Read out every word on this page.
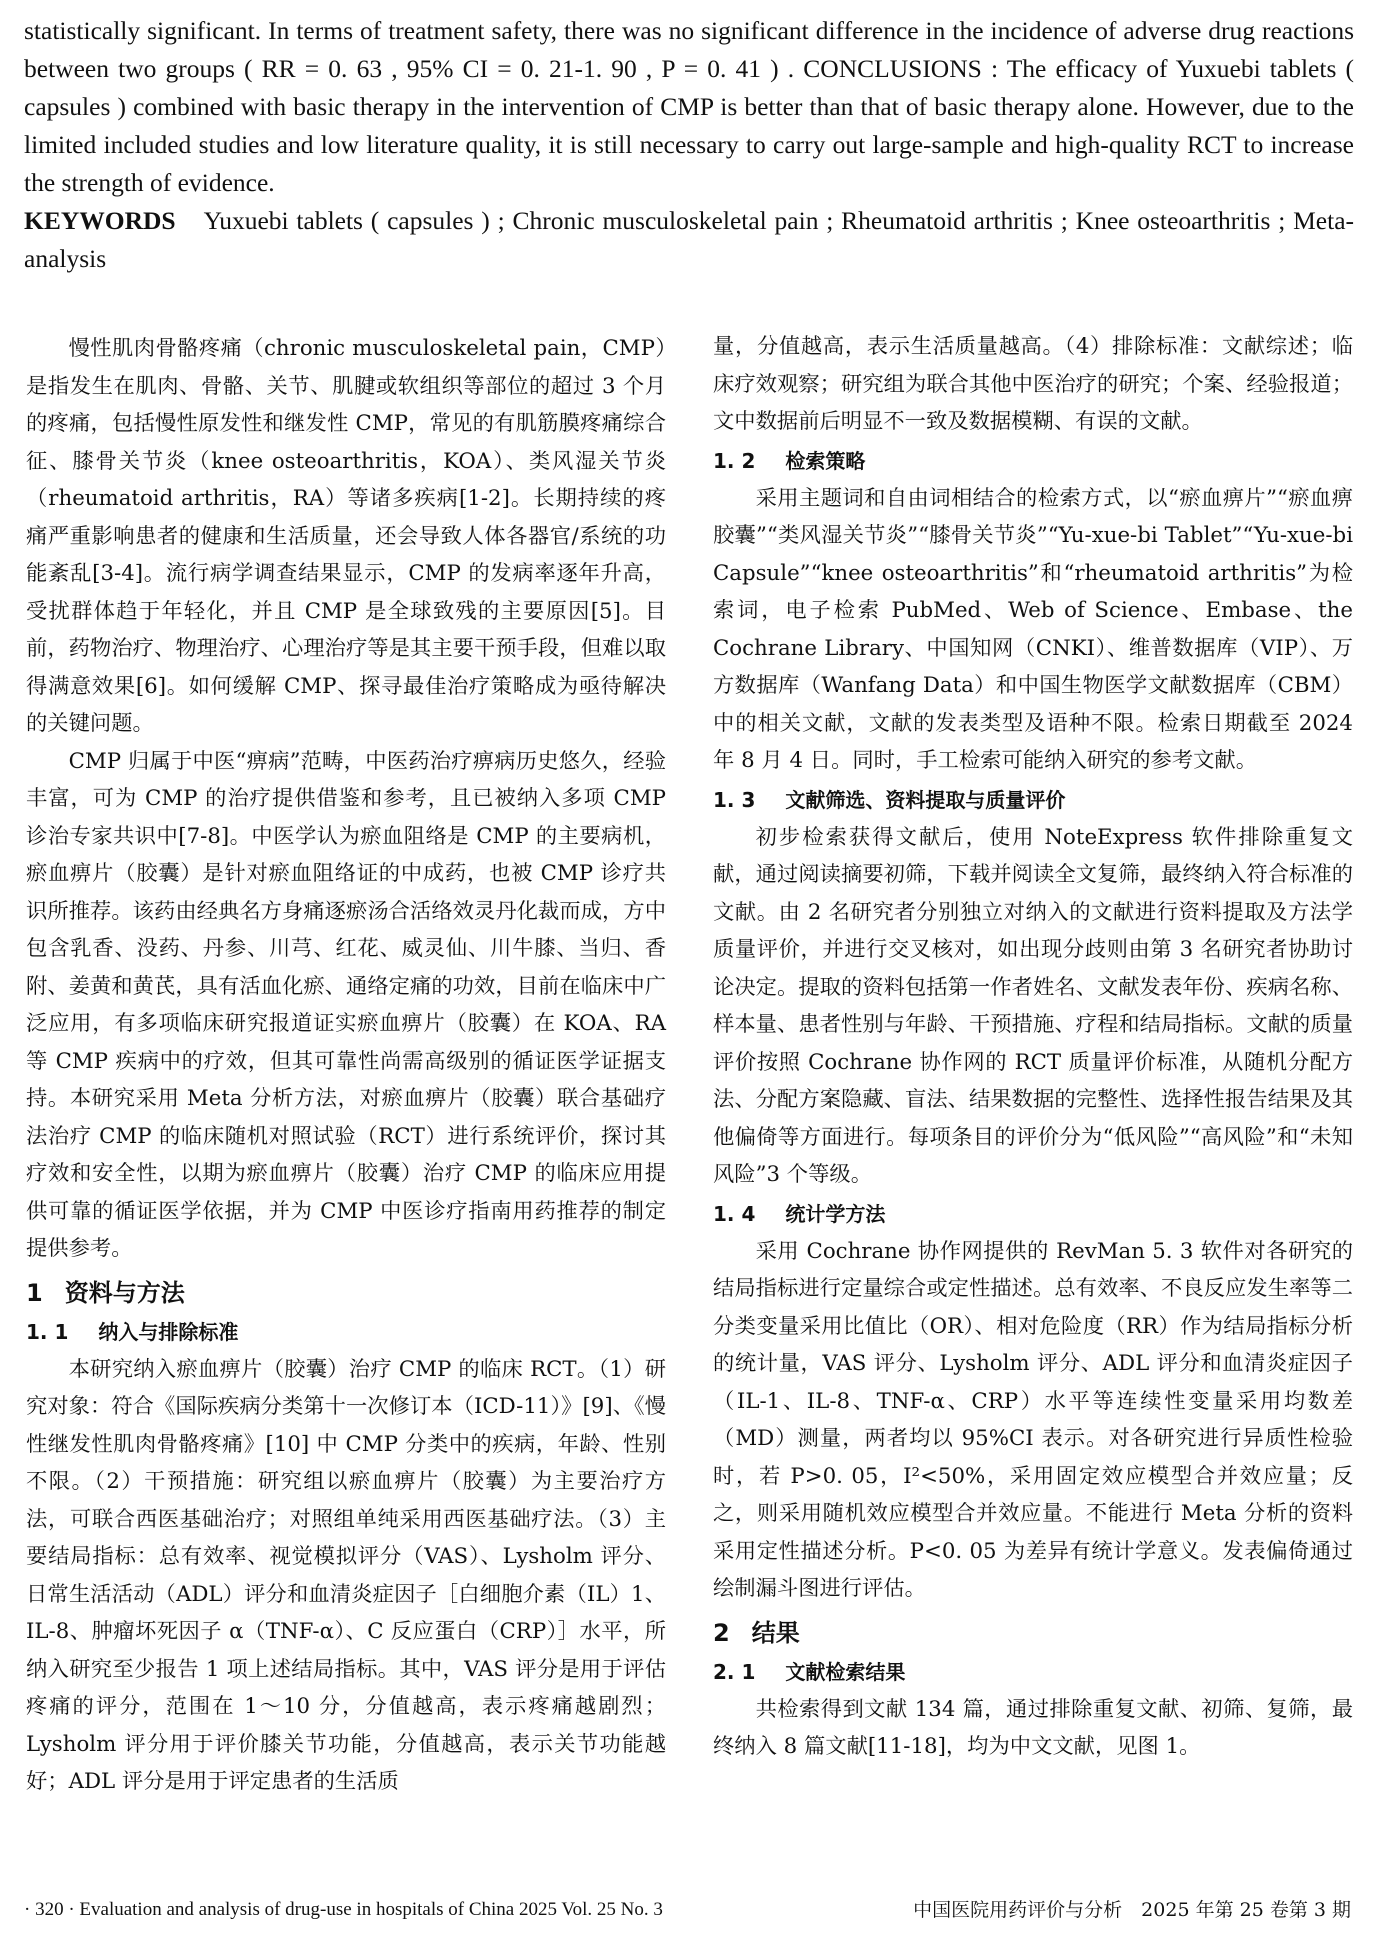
statistically significant. In terms of treatment safety, there was no significant difference in the incidence of adverse drug reactions between two groups ( RR = 0. 63 , 95% CI = 0. 21-1. 90 , P = 0. 41 ) . CONCLUSIONS : The efficacy of Yuxuebi tablets ( capsules ) combined with basic therapy in the intervention of CMP is better than that of basic therapy alone. However, due to the limited included studies and low literature quality, it is still necessary to carry out large-sample and high-quality RCT to increase the strength of evidence.

KEYWORDS Yuxuebi tablets ( capsules ) ; Chronic musculoskeletal pain ; Rheumatoid arthritis ; Knee osteoarthritis ; Meta-analysis

慢性肌肉骨骼疼痛（chronic musculoskeletal pain，CMP）是指发生在肌肉、骨骼、关节、肌腱或软组织等部位的超过 3 个月的疼痛，包括慢性原发性和继发性 CMP，常见的有肌筋膜疼痛综合征、膝骨关节炎（knee osteoarthritis，KOA）、类风湿关节炎（rheumatoid arthritis，RA）等诸多疾病[1-2]。长期持续的疼痛严重影响患者的健康和生活质量，还会导致人体各器官/系统的功能紊乱[3-4]。流行病学调查结果显示，CMP 的发病率逐年升高，受扰群体趋于年轻化，并且 CMP 是全球致残的主要原因[5]。目前，药物治疗、物理治疗、心理治疗等是其主要干预手段，但难以取得满意效果[6]。如何缓解 CMP、探寻最佳治疗策略成为亟待解决的关键问题。

CMP 归属于中医“痹病”范畴，中医药治疗痹病历史悠久，经验丰富，可为 CMP 的治疗提供借鉴和参考，且已被纳入多项 CMP 诊治专家共识中[7-8]。中医学认为瘀血阻络是 CMP 的主要病机，瘀血痹片（胶囊）是针对瘀血阻络证的中成药，也被 CMP 诊疗共识所推荐。该药由经典名方身痛逐瘀汤合活络效灵丹化裁而成，方中包含乳香、没药、丹参、川芎、红花、威灵仙、川牛膝、当归、香附、姜黄和黄芪，具有活血化瘀、通络定痛的功效，目前在临床中广泛应用，有多项临床研究报道证实瘀血痹片（胶囊）在 KOA、RA 等 CMP 疾病中的疗效，但其可靠性尚需高级别的循证医学证据支持。本研究采用 Meta 分析方法，对瘀血痹片（胶囊）联合基础疗法治疗 CMP 的临床随机对照试验（RCT）进行系统评价，探讨其疗效和安全性，以期为瘀血痹片（胶囊）治疗 CMP 的临床应用提供可靠的循证医学依据，并为 CMP 中医诊疗指南用药推荐的制定提供参考。

1 资料与方法
1. 1 纳入与排除标准

本研究纳入瘀血痹片（胶囊）治疗 CMP 的临床 RCT。（1）研究对象：符合《国际疾病分类第十一次修订本（ICD-11）》[9]、《慢性继发性肌肉骨骼疼痛》[10] 中 CMP 分类中的疾病，年龄、性别不限。（2）干预措施：研究组以瘀血痹片（胶囊）为主要治疗方法，可联合西医基础治疗；对照组单纯采用西医基础疗法。（3）主要结局指标：总有效率、视觉模拟评分（VAS）、Lysholm 评分、日常生活活动（ADL）评分和血清炎症因子［白细胞介素（IL）1、IL-8、肿瘤坏死因子 α（TNF-α）、C 反应蛋白（CRP）］水平，所纳入研究至少报告 1 项上述结局指标。其中，VAS 评分是用于评估疼痛的评分，范围在 1～10 分，分值越高，表示疼痛越剧烈；Lysholm 评分用于评价膝关节功能，分值越高，表示关节功能越好；ADL 评分是用于评定患者的生活质

量，分值越高，表示生活质量越高。（4）排除标准：文献综述；临床疗效观察；研究组为联合其他中医治疗的研究；个案、经验报道；文中数据前后明显不一致及数据模糊、有误的文献。

1. 2 检索策略

采用主题词和自由词相结合的检索方式，以“瘀血痹片”“瘀血痹胶囊”“类风湿关节炎”“膝骨关节炎”“Yu-xue-bi Tablet”“Yu-xue-bi Capsule”“knee osteoarthritis”和“rheumatoid arthritis”为检索词，电子检索 PubMed、Web of Science、Embase、the Cochrane Library、中国知网（CNKI）、维普数据库（VIP）、万方数据库（Wanfang Data）和中国生物医学文献数据库（CBM）中的相关文献，文献的发表类型及语种不限。检索日期截至 2024 年 8 月 4 日。同时，手工检索可能纳入研究的参考文献。

1. 3 文献筛选、资料提取与质量评价

初步检索获得文献后，使用 NoteExpress 软件排除重复文献，通过阅读摘要初筛，下载并阅读全文复筛，最终纳入符合标准的文献。由 2 名研究者分别独立对纳入的文献进行资料提取及方法学质量评价，并进行交叉核对，如出现分歧则由第 3 名研究者协助讨论决定。提取的资料包括第一作者姓名、文献发表年份、疾病名称、样本量、患者性别与年龄、干预措施、疗程和结局指标。文献的质量评价按照 Cochrane 协作网的 RCT 质量评价标准，从随机分配方法、分配方案隐藏、盲法、结果数据的完整性、选择性报告结果及其他偏倚等方面进行。每项条目的评价分为“低风险”“高风险”和“未知风险”3 个等级。

1. 4 统计学方法

采用 Cochrane 协作网提供的 RevMan 5. 3 软件对各研究的结局指标进行定量综合或定性描述。总有效率、不良反应发生率等二分类变量采用比值比（OR）、相对危险度（RR）作为结局指标分析的统计量，VAS 评分、Lysholm 评分、ADL 评分和血清炎症因子（IL-1、IL-8、TNF-α、CRP）水平等连续性变量采用均数差（MD）测量，两者均以 95%CI 表示。对各研究进行异质性检验时，若 P>0. 05，I²<50%，采用固定效应模型合并效应量；反之，则采用随机效应模型合并效应量。不能进行 Meta 分析的资料采用定性描述分析。P<0. 05 为差异有统计学意义。发表偏倚通过绘制漏斗图进行评估。

2 结果
2. 1 文献检索结果

共检索得到文献 134 篇，通过排除重复文献、初筛、复筛，最终纳入 8 篇文献[11-18]，均为中文文献，见图 1。

· 320 · Evaluation and analysis of drug-use in hospitals of China 2025 Vol. 25 No. 3	中国医院用药评价与分析　2025 年第 25 卷第 3 期
